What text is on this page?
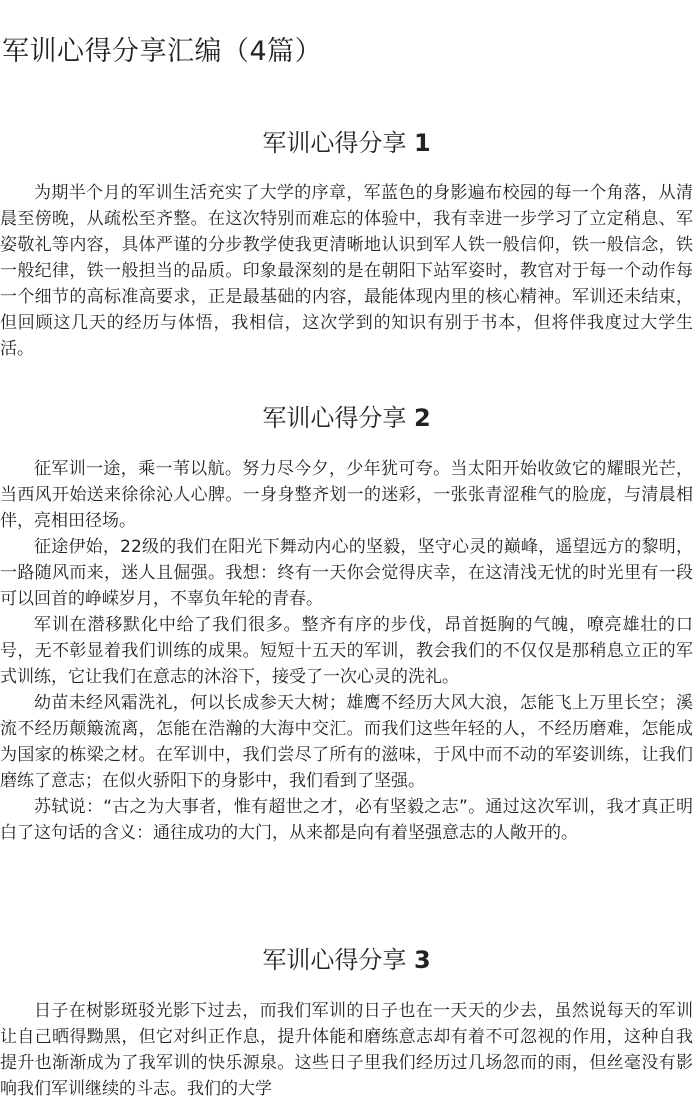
军训心得分享汇编（4篇）
军训心得分享 1

为期半个月的军训生活充实了大学的序章，军蓝色的身影遍布校园的每一个角落，从清晨至傍晚，从疏松至齐整。在这次特别而难忘的体验中，我有幸进一步学习了立定稍息、军姿敬礼等内容，具体严谨的分步教学使我更清晰地认识到军人铁一般信仰，铁一般信念，铁一般纪律，铁一般担当的品质。印象最深刻的是在朝阳下站军姿时，教官对于每一个动作每一个细节的高标准高要求，正是最基础的内容，最能体现内里的核心精神。军训还未结束，但回顾这几天的经历与体悟，我相信，这次学到的知识有别于书本，但将伴我度过大学生活。

军训心得分享 2

征军训一途，乘一苇以航。努力尽今夕，少年犹可夸。当太阳开始收敛它的耀眼光芒，当西风开始送来徐徐沁人心脾。一身身整齐划一的迷彩，一张张青涩稚气的脸庞，与清晨相伴，亮相田径场。

征途伊始，22级的我们在阳光下舞动内心的坚毅，坚守心灵的巅峰，遥望远方的黎明，一路随风而来，迷人且倔强。我想：终有一天你会觉得庆幸，在这清浅无忧的时光里有一段可以回首的峥嵘岁月，不辜负年轮的青春。

军训在潜移默化中给了我们很多。整齐有序的步伐，昂首挺胸的气魄，嘹亮雄壮的口号，无不彰显着我们训练的成果。短短十五天的军训，教会我们的不仅仅是那稍息立正的军式训练，它让我们在意志的沐浴下，接受了一次心灵的洗礼。

幼苗未经风霜洗礼，何以长成参天大树；雄鹰不经历大风大浪，怎能飞上万里长空；溪流不经历颠簸流离，怎能在浩瀚的大海中交汇。而我们这些年轻的人，不经历磨难，怎能成为国家的栋梁之材。在军训中，我们尝尽了所有的滋味，于风中而不动的军姿训练，让我们磨练了意志；在似火骄阳下的身影中，我们看到了坚强。

苏轼说：“古之为大事者，惟有超世之才，必有坚毅之志”。通过这次军训，我才真正明白了这句话的含义：通往成功的大门，从来都是向有着坚强意志的人敞开的。

军训心得分享 3

日子在树影斑驳光影下过去，而我们军训的日子也在一天天的少去，虽然说每天的军训让自己晒得黝黑，但它对纠正作息，提升体能和磨练意志却有着不可忽视的作用，这种自我提升也渐渐成为了我军训的快乐源泉。这些日子里我们经历过几场忽而的雨，但丝毫没有影响我们军训继续的斗志。我们的大学
